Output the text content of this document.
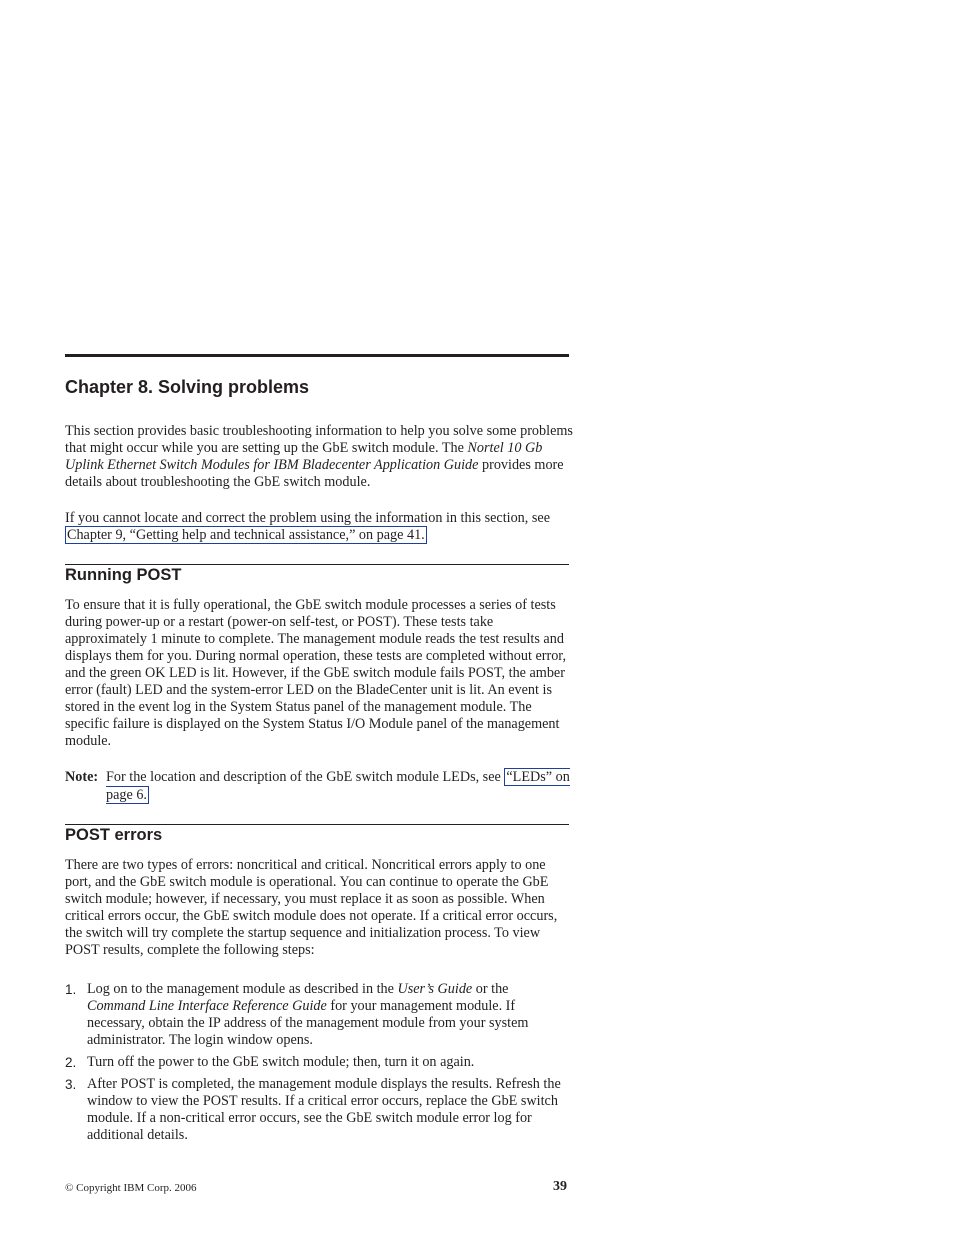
Chapter 8. Solving problems

This section provides basic troubleshooting information to help you solve some problems that might occur while you are setting up the GbE switch module. The Nortel 10 Gb Uplink Ethernet Switch Modules for IBM Bladecenter Application Guide provides more details about troubleshooting the GbE switch module.

If you cannot locate and correct the problem using the information in this section, see Chapter 9, “Getting help and technical assistance,” on page 41.

Running POST

To ensure that it is fully operational, the GbE switch module processes a series of tests during power-up or a restart (power-on self-test, or POST). These tests take approximately 1 minute to complete. The management module reads the test results and displays them for you. During normal operation, these tests are completed without error, and the green OK LED is lit. However, if the GbE switch module fails POST, the amber error (fault) LED and the system-error LED on the BladeCenter unit is lit. An event is stored in the event log in the System Status panel of the management module. The specific failure is displayed on the System Status I/O Module panel of the management module.

Note: For the location and description of the GbE switch module LEDs, see “LEDs” on page 6.

POST errors

There are two types of errors: noncritical and critical. Noncritical errors apply to one port, and the GbE switch module is operational. You can continue to operate the GbE switch module; however, if necessary, you must replace it as soon as possible. When critical errors occur, the GbE switch module does not operate. If a critical error occurs, the switch will try complete the startup sequence and initialization process. To view POST results, complete the following steps:

1. Log on to the management module as described in the User’s Guide or the Command Line Interface Reference Guide for your management module. If necessary, obtain the IP address of the management module from your system administrator. The login window opens.
2. Turn off the power to the GbE switch module; then, turn it on again.
3. After POST is completed, the management module displays the results. Refresh the window to view the POST results. If a critical error occurs, replace the GbE switch module. If a non-critical error occurs, see the GbE switch module error log for additional details.
© Copyright IBM Corp. 2006	39
